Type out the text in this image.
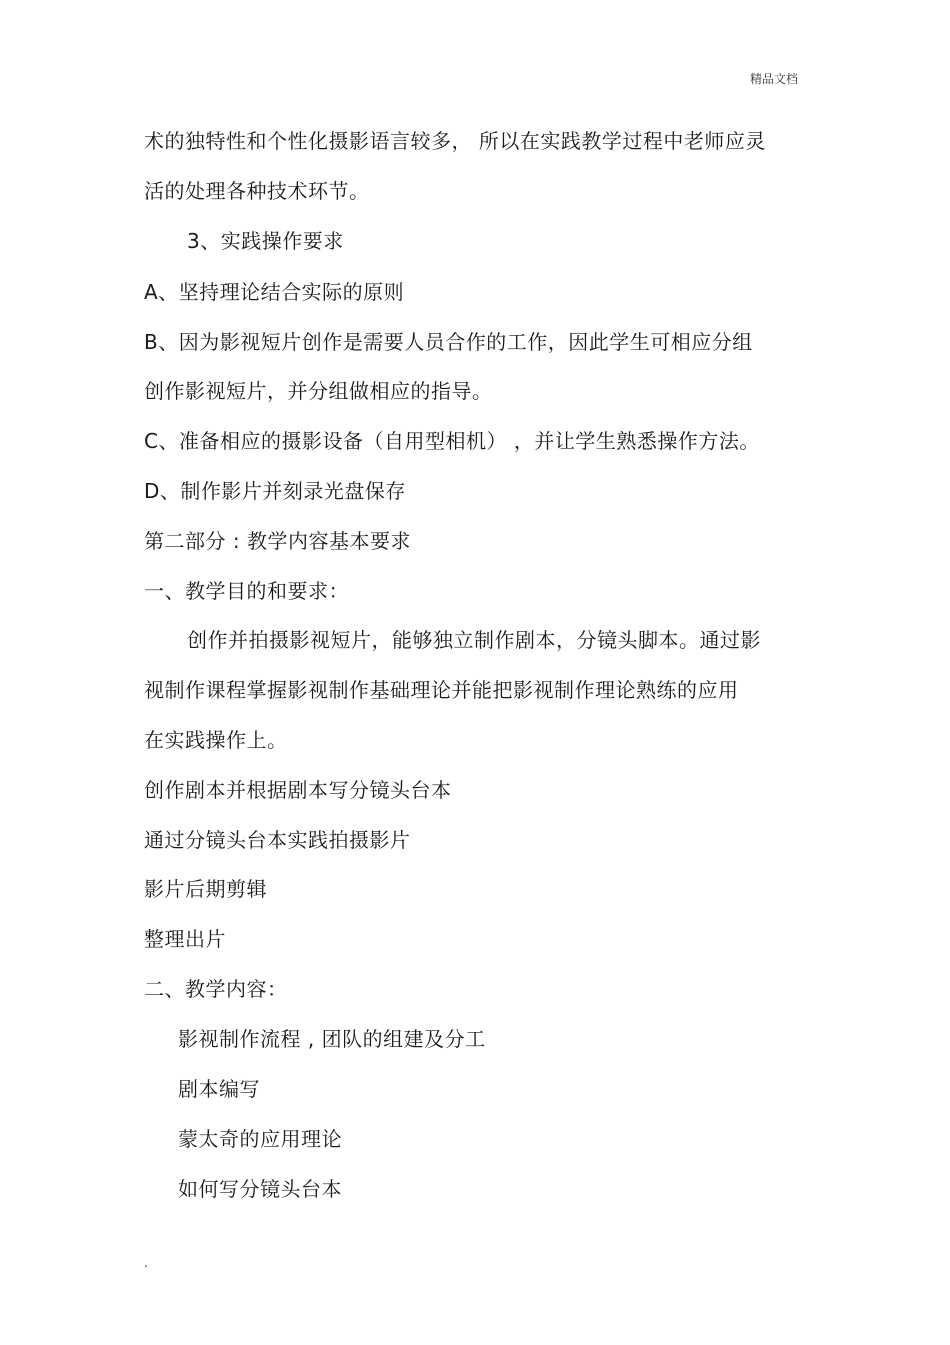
精品文档
术的独特性和个性化摄影语言较多， 所以在实践教学过程中老师应灵
活的处理各种技术环节。
3、实践操作要求
A、坚持理论结合实际的原则
B、因为影视短片创作是需要人员合作的工作，因此学生可相应分组
创作影视短片，并分组做相应的指导。
C、准备相应的摄影设备（自用型相机） ，并让学生熟悉操作方法。
D、制作影片并刻录光盘保存
第二部分 : 教学内容基本要求
一、教学目的和要求：
创作并拍摄影视短片，能够独立制作剧本，分镜头脚本。通过影
视制作课程掌握影视制作基础理论并能把影视制作理论熟练的应用
在实践操作上。
创作剧本并根据剧本写分镜头台本
通过分镜头台本实践拍摄影片
影片后期剪辑
整理出片
二、教学内容：
影视制作流程 , 团队的组建及分工
剧本编写
蒙太奇的应用理论
如何写分镜头台本
.
